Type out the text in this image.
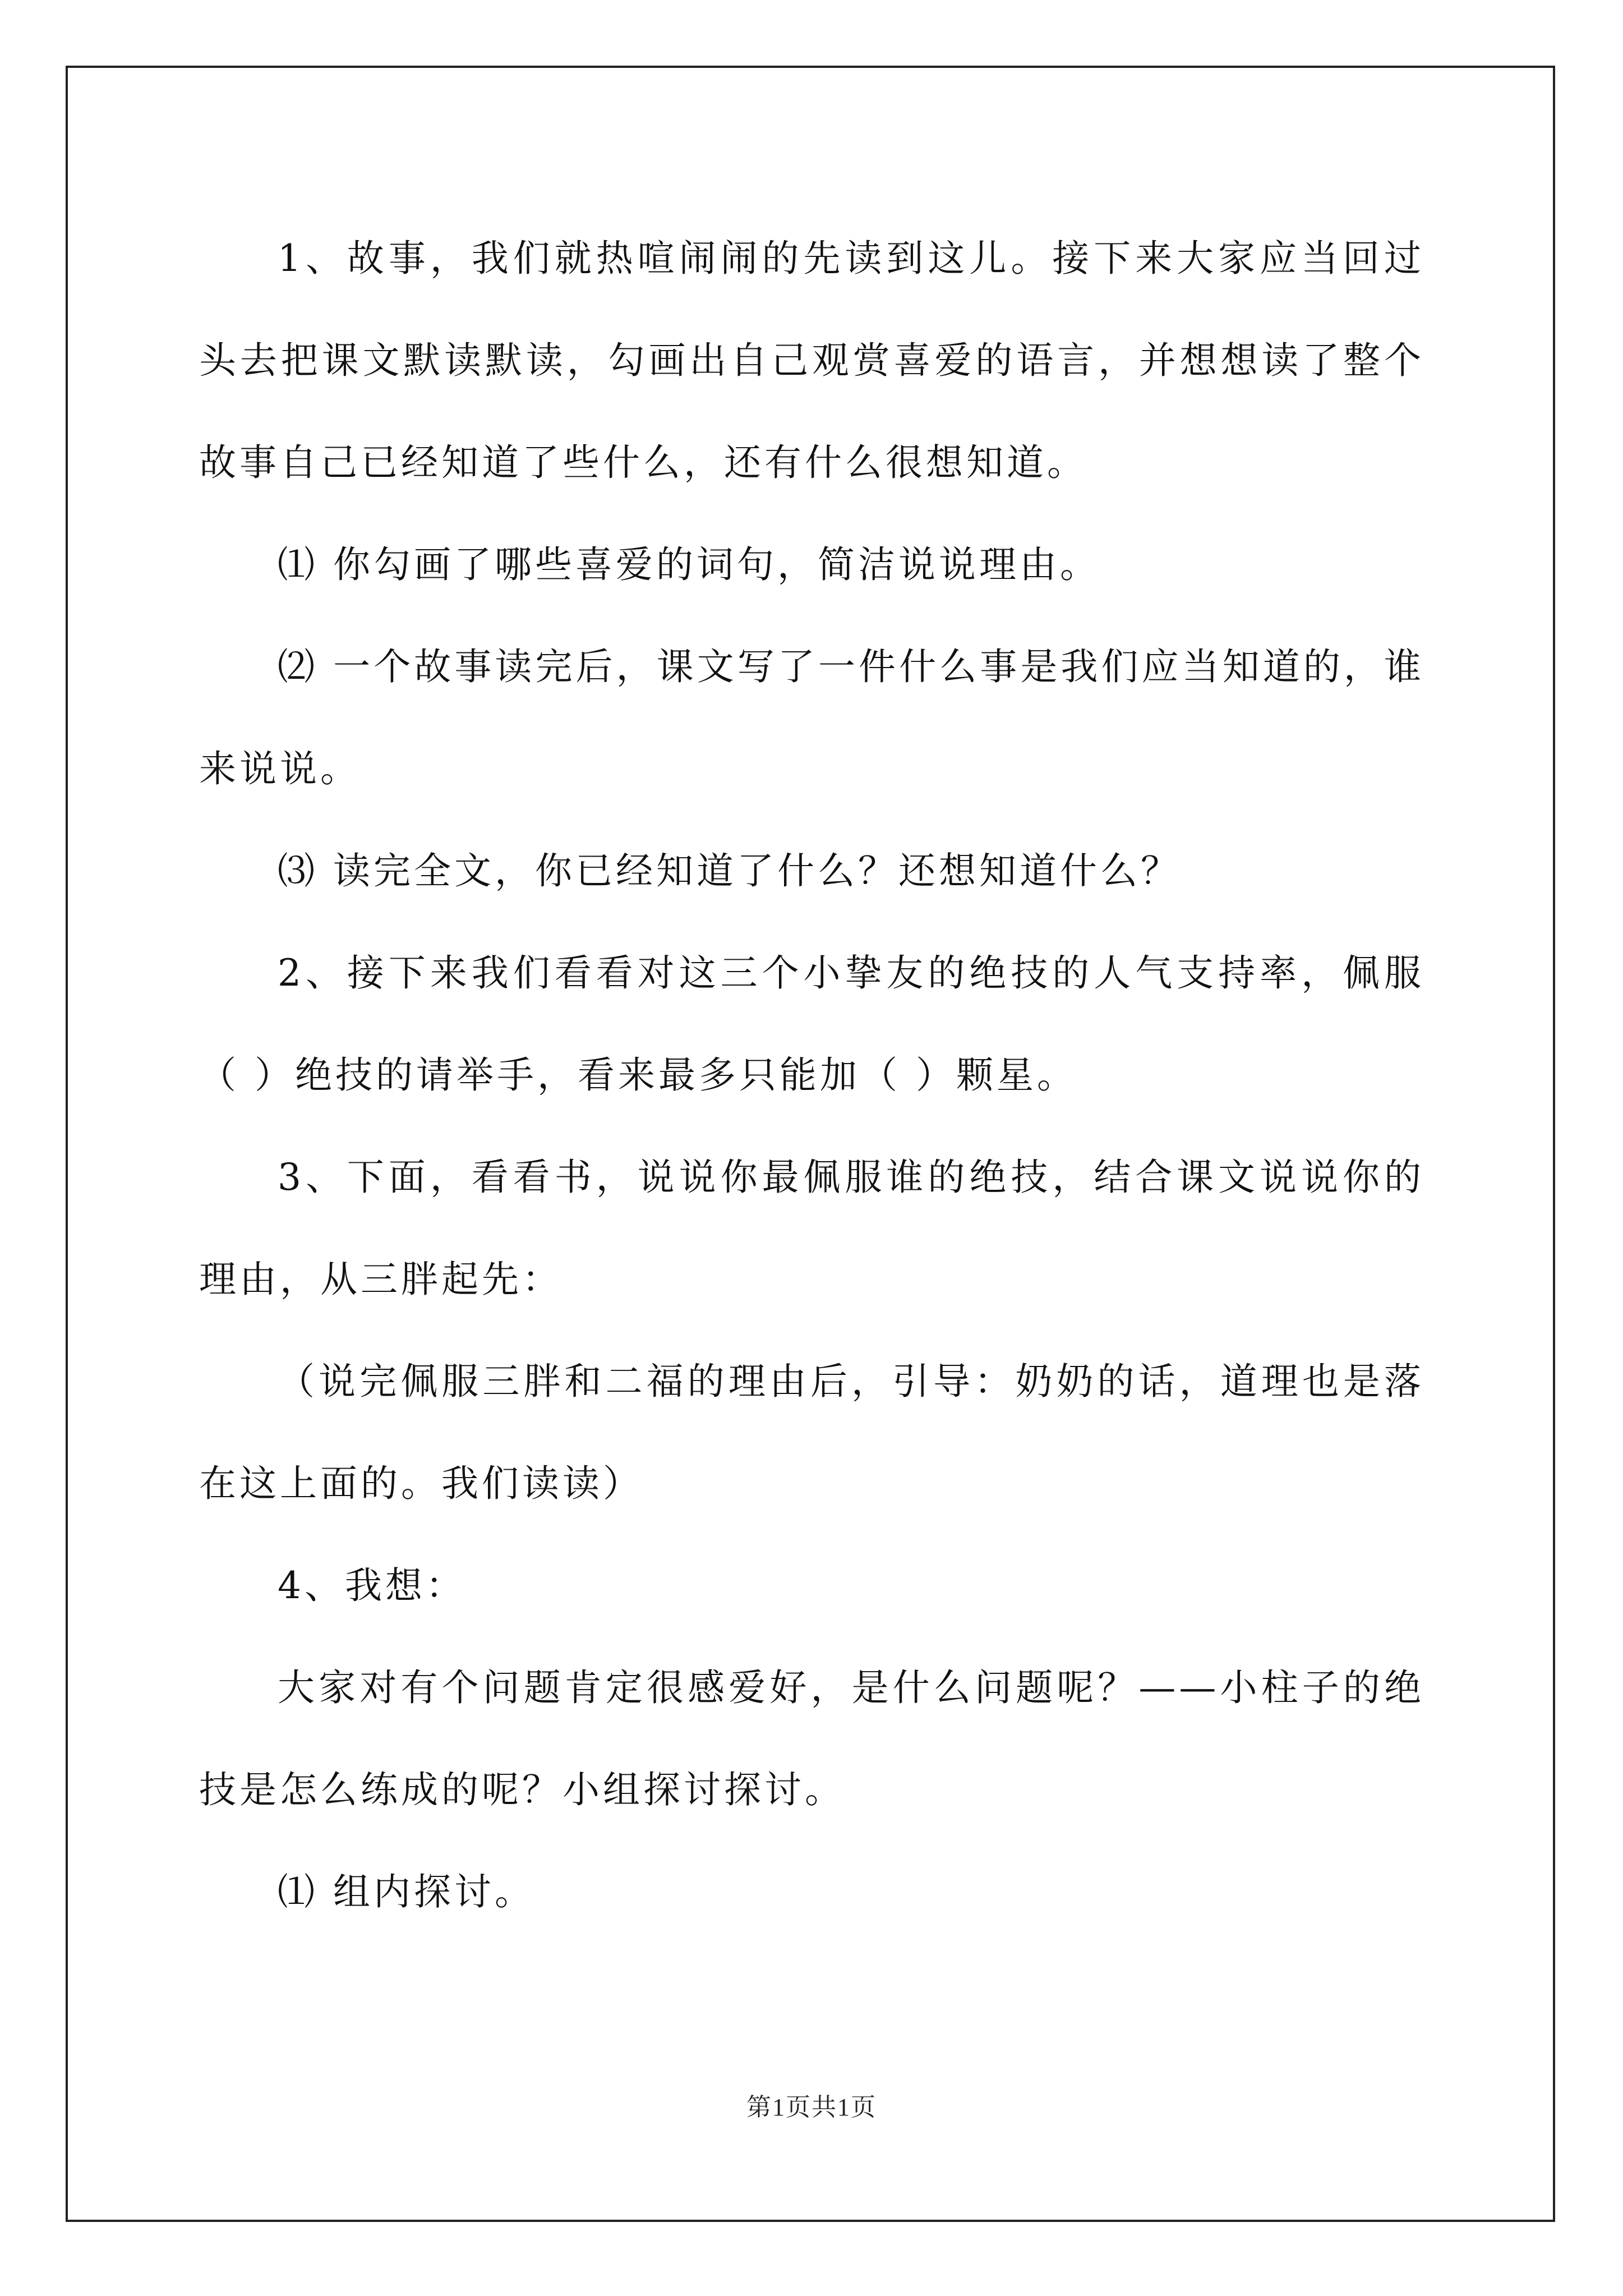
1、故事，我们就热喧闹闹的先读到这儿。接下来大家应当回过头去把课文默读默读，勾画出自己观赏喜爱的语言，并想想读了整个故事自己已经知道了些什么，还有什么很想知道。

⑴ 你勾画了哪些喜爱的词句，简洁说说理由。

⑵ 一个故事读完后，课文写了一件什么事是我们应当知道的，谁来说说。

⑶ 读完全文，你已经知道了什么？还想知道什么？

2、接下来我们看看对这三个小挚友的绝技的人气支持率，佩服（ ）绝技的请举手，看来最多只能加（ ）颗星。

3、下面，看看书，说说你最佩服谁的绝技，结合课文说说你的理由，从三胖起先：

（说完佩服三胖和二福的理由后，引导：奶奶的话，道理也是落在这上面的。我们读读）

4、我想：

大家对有个问题肯定很感爱好，是什么问题呢？——小柱子的绝技是怎么练成的呢？小组探讨探讨。

⑴ 组内探讨。

第1页共1页
